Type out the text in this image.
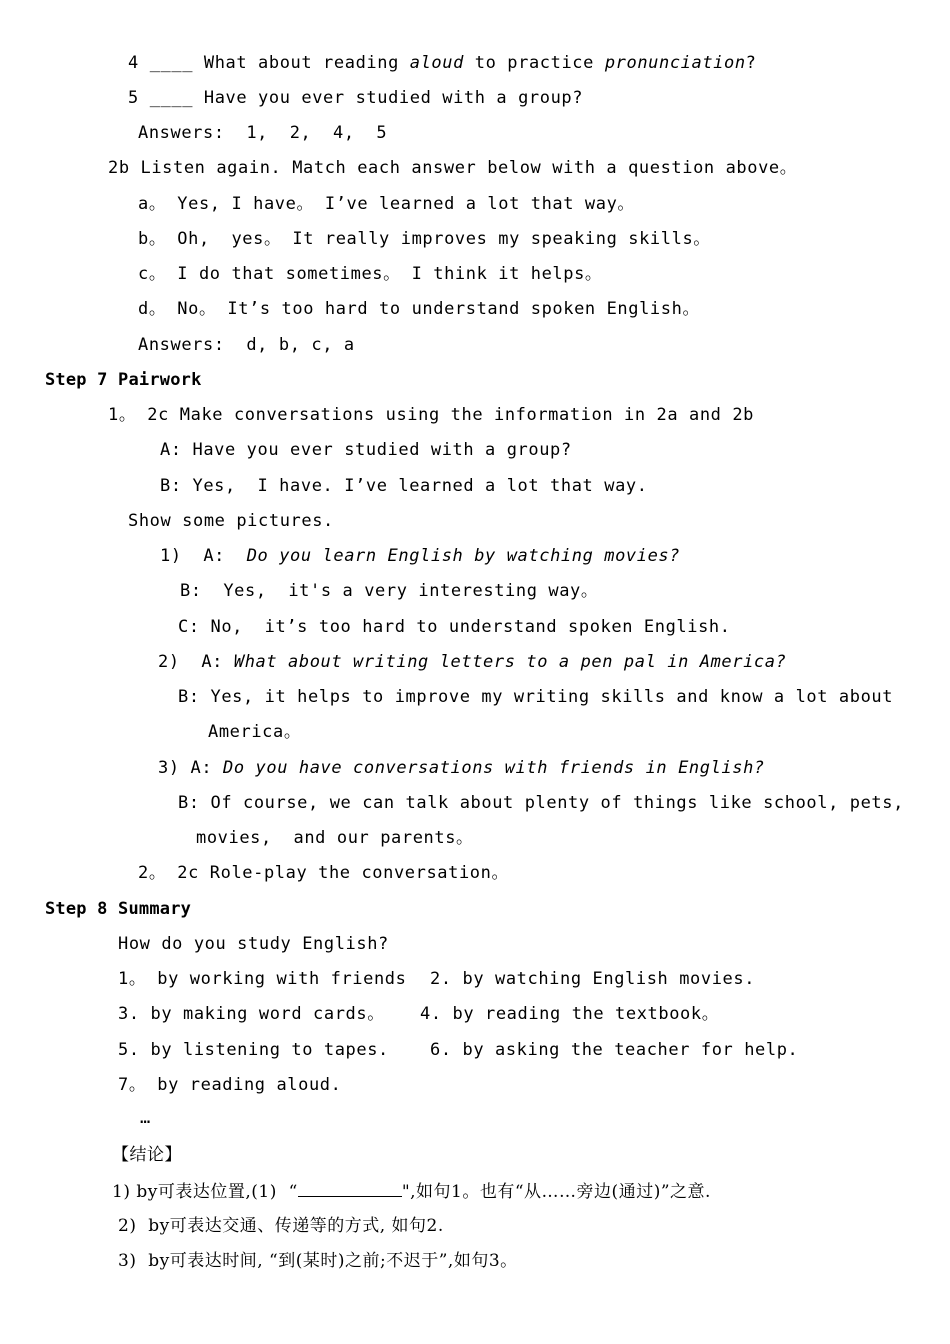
4 ____ What about reading aloud to practice pronunciation?
5 ____ Have you ever studied with a group?
Answers:  1,  2,  4,  5
2b Listen again. Match each answer below with a question above。
a。 Yes, I have。 I’ve learned a lot that way。
b。 Oh,  yes。 It really improves my speaking skills。
c。 I do that sometimes。 I think it helps。
d。 No。 It’s too hard to understand spoken English。
Answers:  d, b, c, a
Step 7 Pairwork
1。 2c Make conversations using the information in 2a and 2b
A: Have you ever studied with a group?
B: Yes,  I have. I’ve learned a lot that way.
Show some pictures.
1)  A:  Do you learn English by watching movies?
B:  Yes,  it's a very interesting way。
C: No,  it’s too hard to understand spoken English.
2)  A: What about writing letters to a pen pal in America?
B: Yes, it helps to improve my writing skills and know a lot about
America。
3) A: Do you have conversations with friends in English?
B: Of course, we can talk about plenty of things like school, pets,
movies,  and our parents。
2。 2c Role-play the conversation。
Step 8 Summary
How do you study English?
1。 by working with friends 2. by watching English movies.
3. by making word cards。 4. by reading the textbook。
5. by listening to tapes. 6. by asking the teacher for help.
7。 by reading aloud.
…
【结论】
1) by可表达位置,(1)  “	",如句1。也有“从……旁边(通过)”之意.
2)  by可表达交通、传递等的方式, 如句2.
3)  by可表达时间, “到(某时)之前;不迟于”,如句3。
